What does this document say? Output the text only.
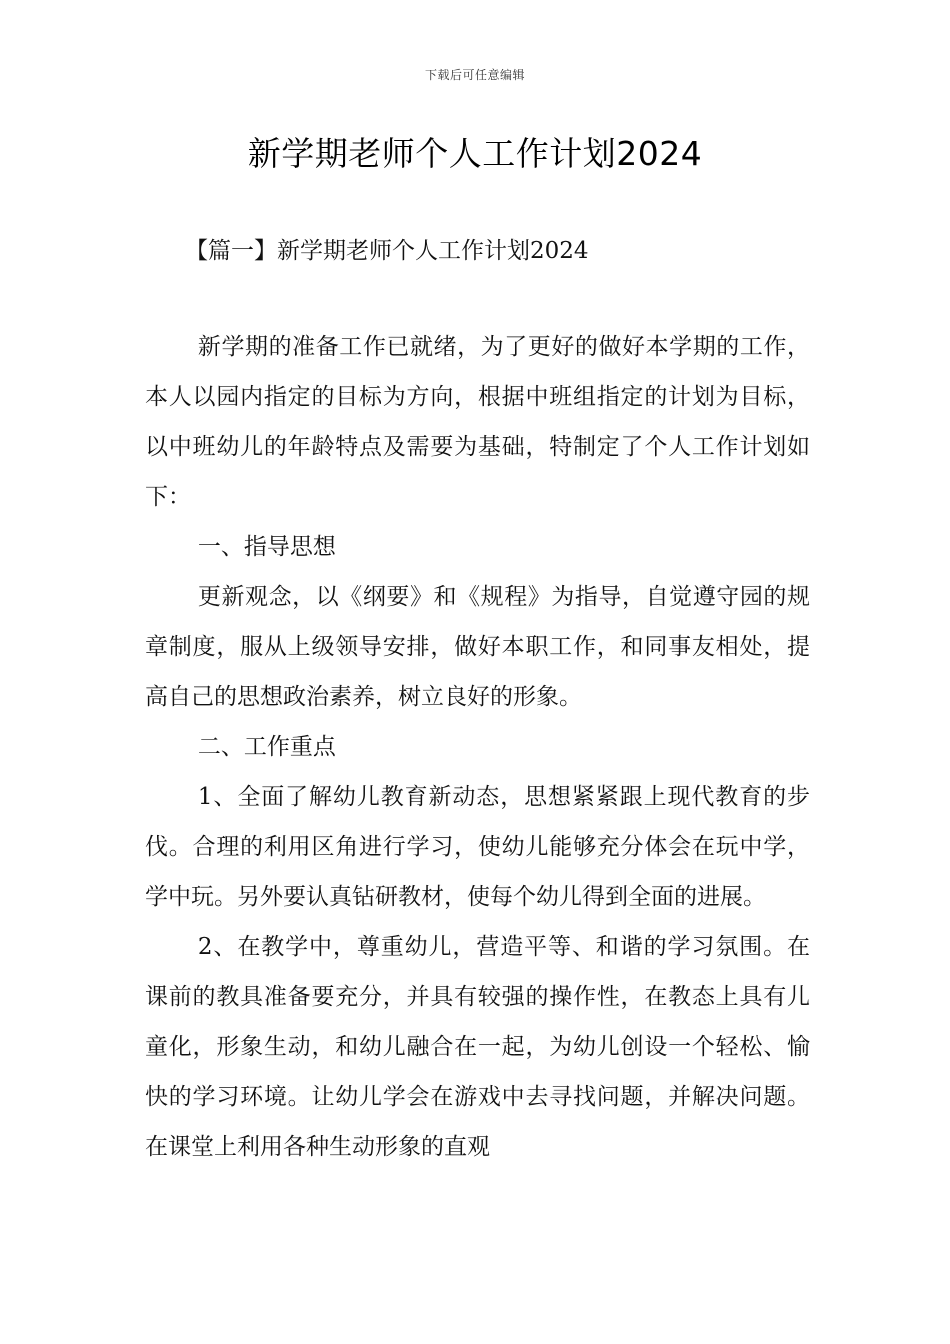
下载后可任意编辑
新学期老师个人工作计划2024
【篇一】新学期老师个人工作计划2024

新学期的准备工作已就绪，为了更好的做好本学期的工作，本人以园内指定的目标为方向，根据中班组指定的计划为目标，以中班幼儿的年龄特点及需要为基础，特制定了个人工作计划如下：

一、指导思想

更新观念，以《纲要》和《规程》为指导，自觉遵守园的规章制度，服从上级领导安排，做好本职工作，和同事友相处，提高自己的思想政治素养，树立良好的形象。

二、工作重点

1、全面了解幼儿教育新动态，思想紧紧跟上现代教育的步伐。合理的利用区角进行学习，使幼儿能够充分体会在玩中学，学中玩。另外要认真钻研教材，使每个幼儿得到全面的进展。

2、在教学中，尊重幼儿，营造平等、和谐的学习氛围。在课前的教具准备要充分，并具有较强的操作性，在教态上具有儿童化，形象生动，和幼儿融合在一起，为幼儿创设一个轻松、愉快的学习环境。让幼儿学会在游戏中去寻找问题，并解决问题。在课堂上利用各种生动形象的直观
